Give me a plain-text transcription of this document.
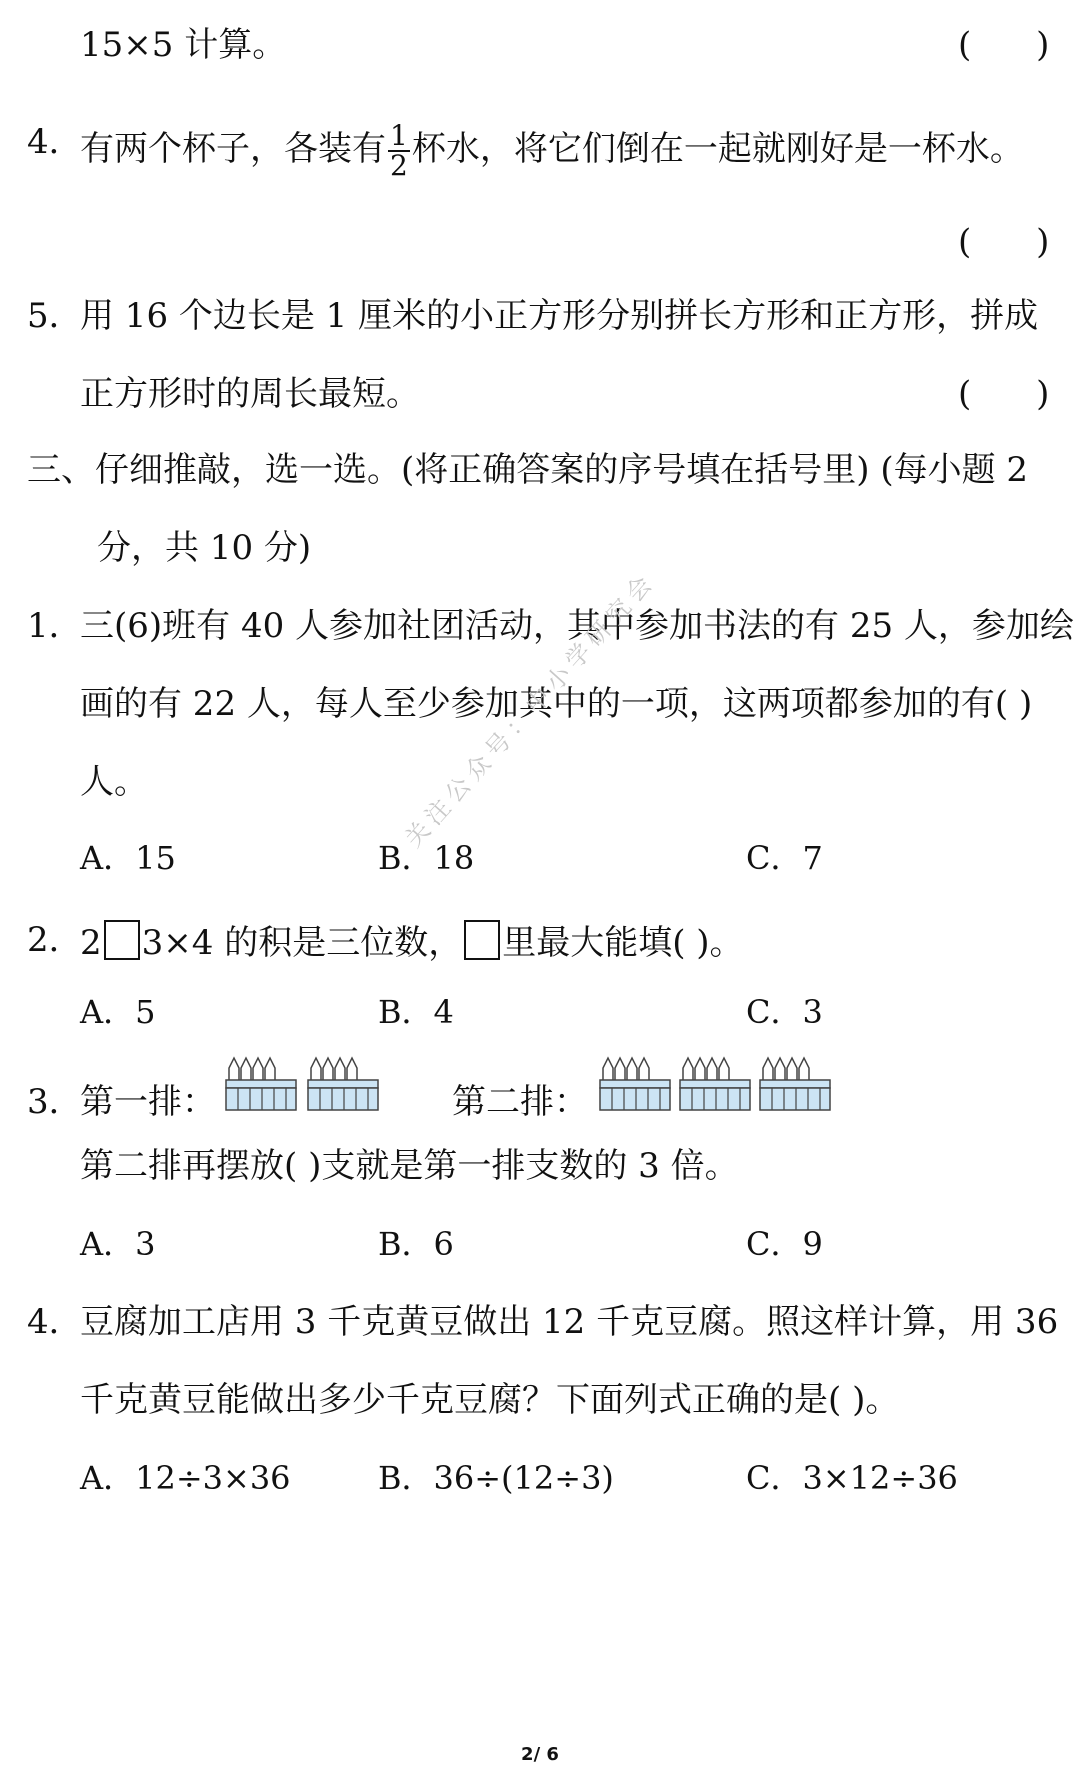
15×5 计算。	(      )
4．
有两个杯子，各装有 $\frac{1}{2}$ 杯水，将它们倒在一起就刚好是一杯水。
(      )
5．
用 16 个边长是 1 厘米的小正方形分别拼长方形和正方形，拼成
正方形时的周长最短。	(      )
三、仔细推敲，选一选。(将正确答案的序号填在括号里) (每小题 2
分，共 10 分)
1．
三(6)班有 40 人参加社团活动，其中参加书法的有 25 人，参加绘
画的有 22 人，每人至少参加其中的一项，这两项都参加的有( )
人。
A．15	B．18	C．7
2．
2 3×4 的积是三位数， 里最大能填( )。
A．5	B．4	C．3
3．
第一排：	第二排：
第二排再摆放( )支就是第一排支数的 3 倍。
A．3	B．6	C．9
4．
豆腐加工店用 3 千克黄豆做出 12 千克豆腐。照这样计算，用 36
千克黄豆能做出多少千克豆腐？下面列式正确的是( )。
A．12÷3×36	B．36÷(12÷3)	C．3×12÷36
关注公众号：中小学研究会
2/ 6
